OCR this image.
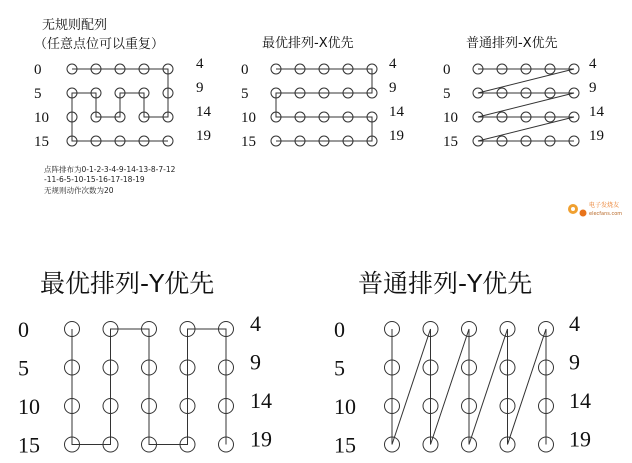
无规则配列
（任意点位可以重复）	最优排列-X优先	普通排列-X优先
最优排列-Y优先	普通排列-Y优先
点阵排布为0-1-2-3-4-9-14-13-8-7-12
-11-6-5-10-15-16-17-18-19
无规则动作次数为20
电子发烧友
elecfans.com
0
5
10
15
4
9
14
19
0
5
10
15
4
9
14
19
0
5
10
15
4
9
14
19
0
5
10
15
4
9
14
19
0
5
10
15
4
9
14
19
